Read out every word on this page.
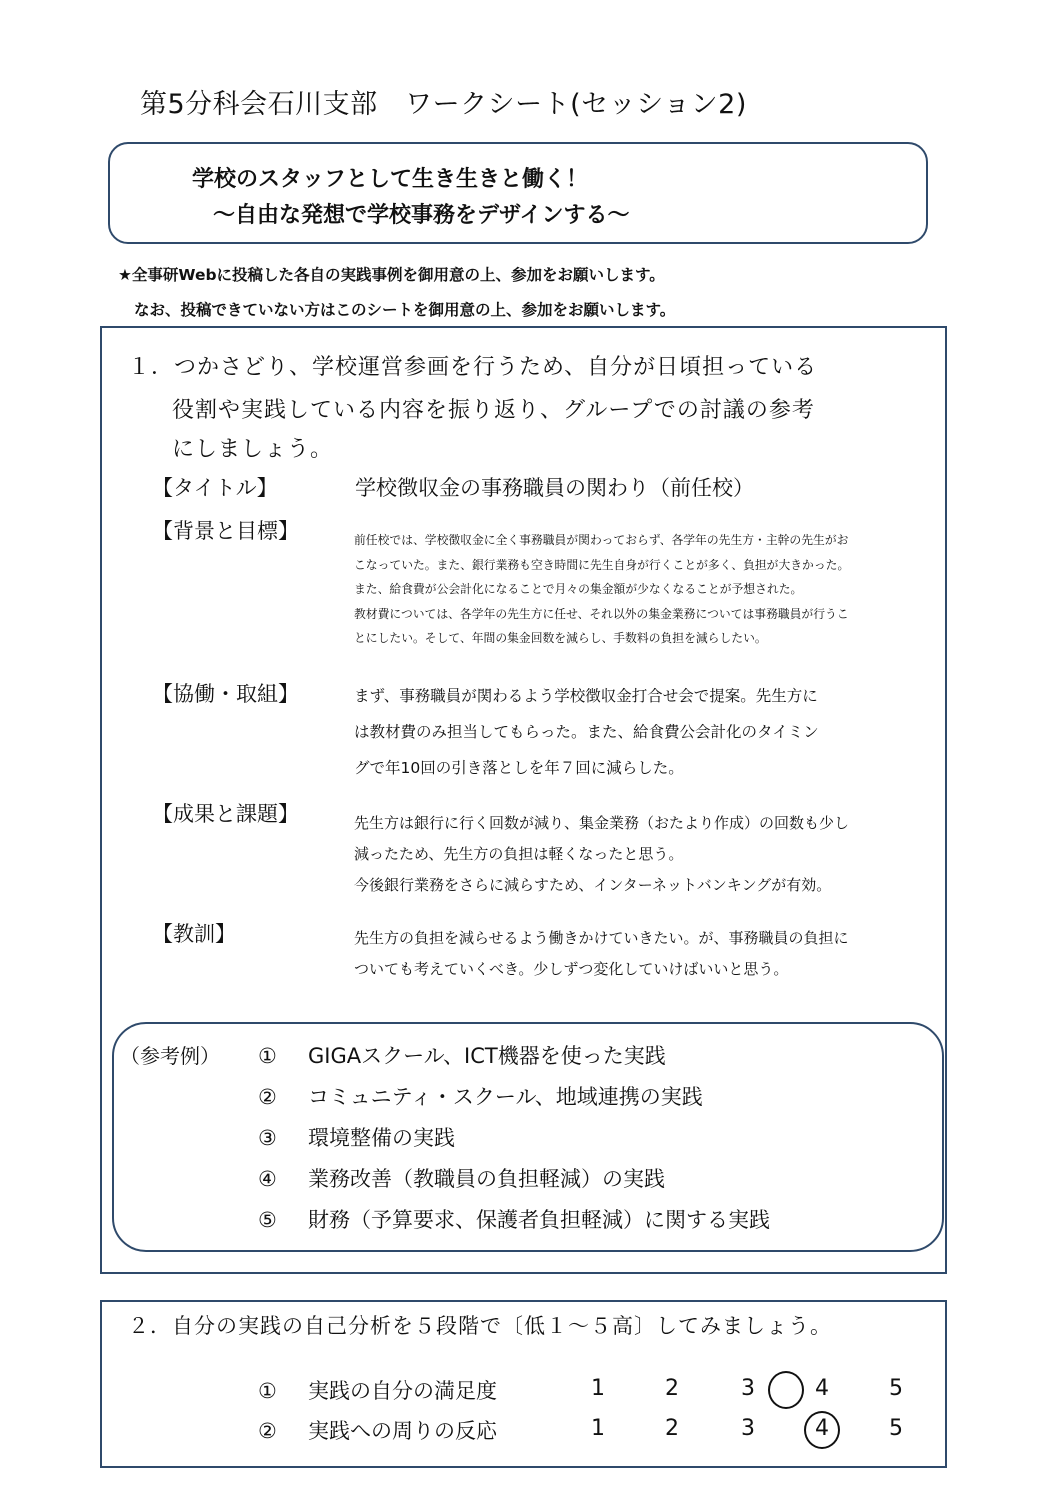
第5分科会石川支部　ワークシート(セッション2)
学校のスタッフとして生き生きと働く！
〜自由な発想で学校事務をデザインする〜
★全事研Webに投稿した各自の実践事例を御用意の上、参加をお願いします。
なお、投稿できていない方はこのシートを御用意の上、参加をお願いします。
１．つかさどり、学校運営参画を行うため、自分が日頃担っている
役割や実践している内容を振り返り、グループでの討議の参考
にしましょう。
【タイトル】	学校徴収金の事務職員の関わり（前任校）
【背景と目標】	前任校では、学校徴収金に全く事務職員が関わっておらず、各学年の先生方・主幹の先生がお
こなっていた。また、銀行業務も空き時間に先生自身が行くことが多く、負担が大きかった。
また、給食費が公会計化になることで月々の集金額が少なくなることが予想された。
教材費については、各学年の先生方に任せ、それ以外の集金業務については事務職員が行うこ
とにしたい。そして、年間の集金回数を減らし、手数料の負担を減らしたい。
【協働・取組】	まず、事務職員が関わるよう学校徴収金打合せ会で提案。先生方に
は教材費のみ担当してもらった。また、給食費公会計化のタイミン
グで年10回の引き落としを年７回に減らした。
【成果と課題】	先生方は銀行に行く回数が減り、集金業務（おたより作成）の回数も少し
減ったため、先生方の負担は軽くなったと思う。
今後銀行業務をさらに減らすため、インターネットバンキングが有効。
【教訓】	先生方の負担を減らせるよう働きかけていきたい。が、事務職員の負担に
ついても考えていくべき。少しずつ変化していけばいいと思う。
（参考例） ① GIGAスクール、ICT機器を使った実践
② コミュニティ・スクール、地域連携の実践
③ 環境整備の実践
④ 業務改善（教職員の負担軽減）の実践
⑤ 財務（予算要求、保護者負担軽減）に関する実践
２．自分の実践の自己分析を５段階で〔低１〜５高〕してみましょう。
① 実践の自分の満足度	1	2	3	4	5
② 実践への周りの反応	1	2	3	4	5
